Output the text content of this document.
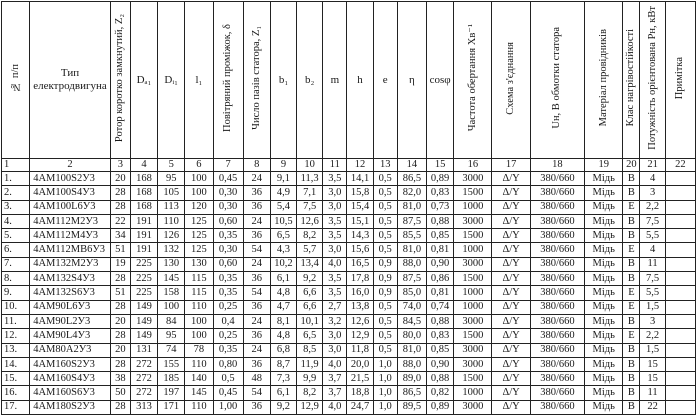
№ п/п	Тип електродвигуна	Ротор коротко замкнутий, Z₂	Dₐ₁	Dᵢ₁	l₁	Повітряний проміжок, δ	Число пазів статора, Z₁	b₁	b₂	m	h	e	η	cosφ	Частота обертання Хв⁻¹	Схема з'єднання	Uн, В обмотки статора	Матеріал провідників	Клас нагрівостійкості	Потужність орієнтована Pн, кВт	Примітка
1	2	3	4	5	6	7	8	9	10	11	12	13	14	15	16	17	18	19	20	21	22
1.	4АМ100S2У3	20	168	95	100	0,45	24	9,1	11,3	3,5	14,1	0,5	86,5	0,89	3000	Δ/Y	380/660	Мідь	В	4	
2.	4АМ100S4У3	28	168	105	100	0,30	36	4,9	7,1	3,0	15,8	0,5	82,0	0,83	1500	Δ/Y	380/660	Мідь	В	3	
3.	4АМ100L6У3	28	168	113	120	0,30	36	5,4	7,5	3,0	15,4	0,5	81,0	0,73	1000	Δ/Y	380/660	Мідь	Е	2,2	
4.	4АМ112М2У3	22	191	110	125	0,60	24	10,5	12,6	3,5	15,1	0,5	87,5	0,88	3000	Δ/Y	380/660	Мідь	В	7,5	
5.	4АМ112М4У3	34	191	126	125	0,35	36	6,5	8,2	3,5	14,3	0,5	85,5	0,85	1500	Δ/Y	380/660	Мідь	В	5,5	
6.	4АМ112МВ6У3	51	191	132	125	0,30	54	4,3	5,7	3,0	15,6	0,5	81,0	0,81	1000	Δ/Y	380/660	Мідь	Е	4	
7.	4АМ132М2У3	19	225	130	130	0,60	24	10,2	13,4	4,0	16,5	0,9	88,0	0,90	3000	Δ/Y	380/660	Мідь	В	11	
8.	4АМ132S4У3	28	225	145	115	0,35	36	6,1	9,2	3,5	17,8	0,9	87,5	0,86	1500	Δ/Y	380/660	Мідь	В	7,5	
9.	4АМ132S6У3	51	225	158	115	0,35	54	4,8	6,6	3,5	16,0	0,9	85,0	0,81	1000	Δ/Y	380/660	Мідь	Е	5,5	
10.	4АМ90L6У3	28	149	100	110	0,25	36	4,7	6,6	2,7	13,8	0,5	74,0	0,74	1000	Δ/Y	380/660	Мідь	Е	1,5	
11.	4АМ90L2У3	20	149	84	100	0,4	24	8,1	10,1	3,2	12,6	0,5	84,5	0,88	3000	Δ/Y	380/660	Мідь	В	3	
12.	4АМ90L4У3	28	149	95	100	0,25	36	4,8	6,5	3,0	12,9	0,5	80,0	0,83	1500	Δ/Y	380/660	Мідь	Е	2,2	
13.	4АМ80А2У3	20	131	74	78	0,35	24	6,8	8,5	3,0	11,8	0,5	81,0	0,85	3000	Δ/Y	380/660	Мідь	В	1,5	
14.	4АМ160S2У3	28	272	155	110	0,80	36	8,7	11,9	4,0	20,0	1,0	88,0	0,90	3000	Δ/Y	380/660	Мідь	В	15	
15.	4АМ160S4У3	38	272	185	140	0,5	48	7,3	9,9	3,7	21,5	1,0	89,0	0,88	1500	Δ/Y	380/660	Мідь	В	15	
16.	4АМ160S6У3	50	272	197	145	0,45	54	6,1	8,2	3,7	18,8	1,0	86,5	0,82	1000	Δ/Y	380/660	Мідь	В	11	
17.	4АМ180S2У3	28	313	171	110	1,00	36	9,2	12,9	4,0	24,7	1,0	89,5	0,89	3000	Δ/Y	380/660	Мідь	В	22	
